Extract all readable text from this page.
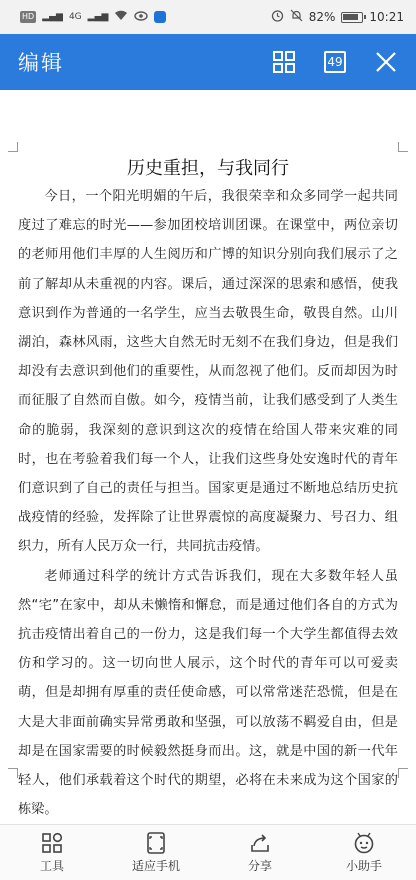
HD ▂▄▆ 4G ▂▄▆	82%	10:21
编辑	49
历史重担，与我同行

今日，一个阳光明媚的午后，我很荣幸和众多同学一起共同度过了难忘的时光——参加团校培训团课。在课堂中，两位亲切的老师用他们丰厚的人生阅历和广博的知识分别向我们展示了之前了解却从未重视的内容。课后，通过深深的思索和感悟，使我意识到作为普通的一名学生，应当去敬畏生命，敬畏自然。山川湖泊，森林风雨，这些大自然无时无刻不在我们身边，但是我们却没有去意识到他们的重要性，从而忽视了他们。反而却因为时而征服了自然而自傲。如今，疫情当前，让我们感受到了人类生命的脆弱，我深刻的意识到这次的疫情在给国人带来灾难的同时，也在考验着我们每一个人，让我们这些身处安逸时代的青年们意识到了自己的责任与担当。国家更是通过不断地总结历史抗战疫情的经验，发挥除了让世界震惊的高度凝聚力、号召力、组织力，所有人民万众一行，共同抗击疫情。

老师通过科学的统计方式告诉我们，现在大多数年轻人虽然“宅”在家中，却从未懒惰和懈怠，而是通过他们各自的方式为抗击疫情出着自己的一份力，这是我们每一个大学生都值得去效仿和学习的。这一切向世人展示，这个时代的青年可以可爱卖萌，但是却拥有厚重的责任使命感，可以常常迷茫恐慌，但是在大是大非面前确实异常勇敢和坚强，可以放荡不羁爱自由，但是却是在国家需要的时候毅然挺身而出。这，就是中国的新一代年轻人，他们承载着这个时代的期望，必将在未来成为这个国家的栋梁。

工具	适应手机	分享	小助手
